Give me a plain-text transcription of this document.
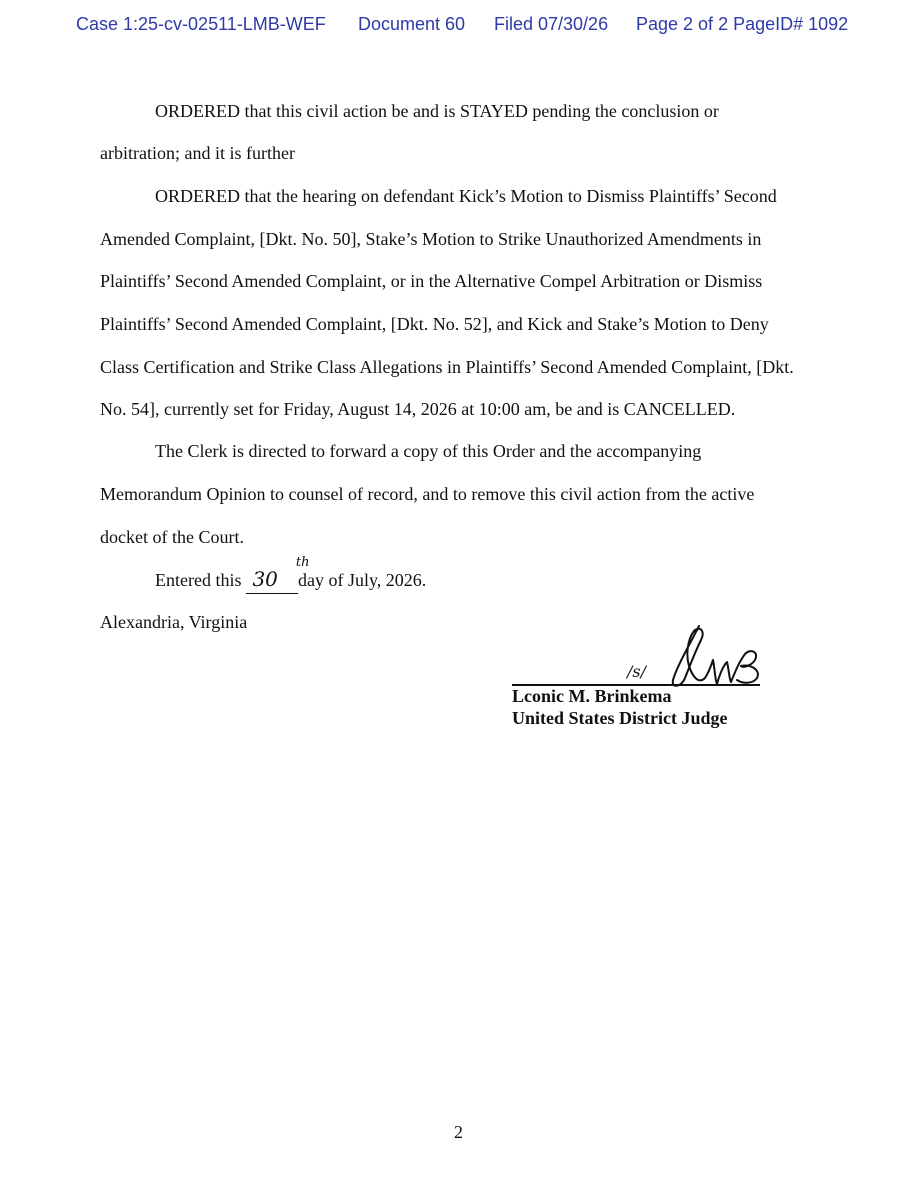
Case 1:25-cv-02511-LMB-WEF Document 60 Filed 07/30/26 Page 2 of 2 PageID# 1092
ORDERED that this civil action be and is STAYED pending the conclusion or
arbitration; and it is further
ORDERED that the hearing on defendant Kick’s Motion to Dismiss Plaintiffs’ Second
Amended Complaint, [Dkt. No. 50], Stake’s Motion to Strike Unauthorized Amendments in
Plaintiffs’ Second Amended Complaint, or in the Alternative Compel Arbitration or Dismiss
Plaintiffs’ Second Amended Complaint, [Dkt. No. 52], and Kick and Stake’s Motion to Deny
Class Certification and Strike Class Allegations in Plaintiffs’ Second Amended Complaint, [Dkt.
No. 54], currently set for Friday, August 14, 2026 at 10:00 am, be and is CANCELLED.
The Clerk is directed to forward a copy of this Order and the accompanying
Memorandum Opinion to counsel of record, and to remove this civil action from the active
docket of the Court.
Entered this 30thday of July, 2026.
Alexandria, Virginia
/s/
Lconic M. Brinkema
United States District Judge
2
